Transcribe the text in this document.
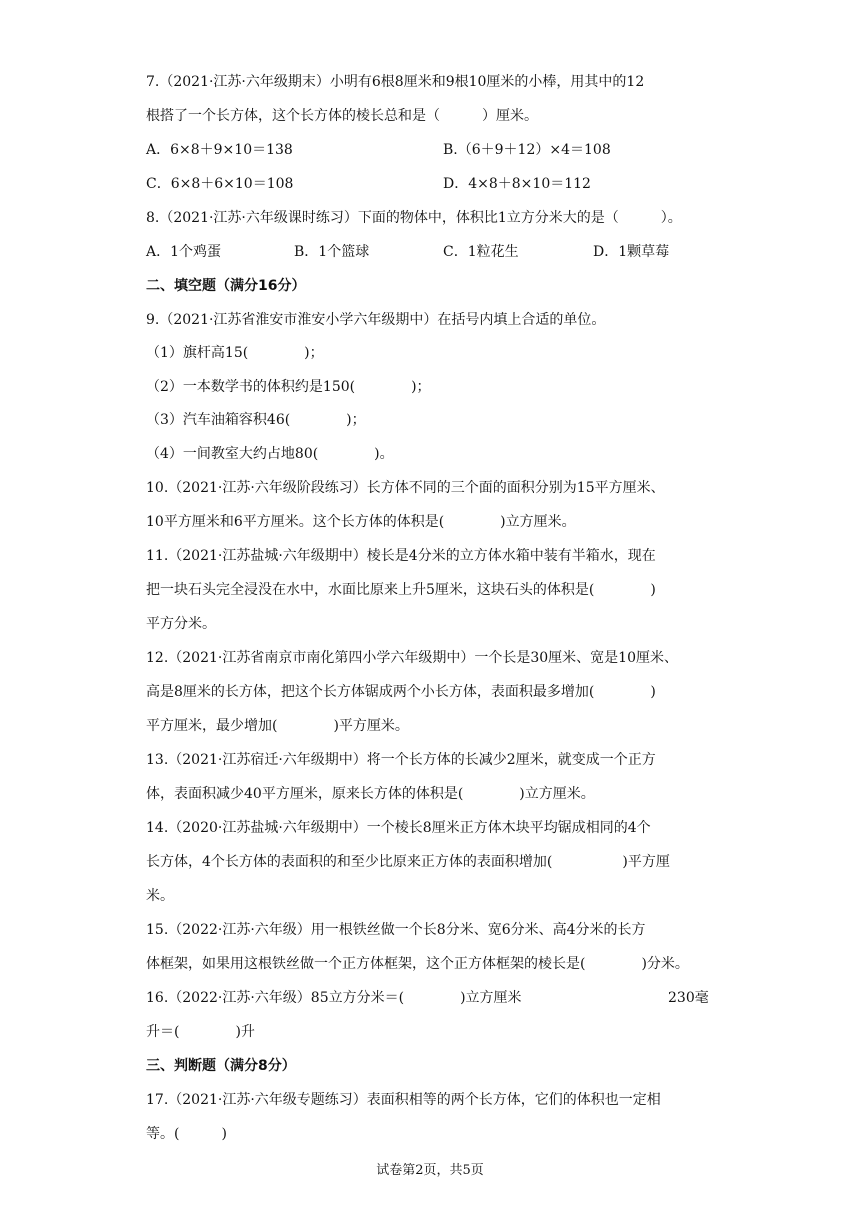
7.（2021·江苏·六年级期末）小明有6根8厘米和9根10厘米的小棒，用其中的12
根搭了一个长方体，这个长方体的棱长总和是（　　　）厘米。
A．6×8＋9×10＝138	B.（6＋9＋12）×4＝108
C．6×8＋6×10＝108	D．4×8＋8×10＝112
8.（2021·江苏·六年级课时练习）下面的物体中，体积比1立方分米大的是（　　　）。
A．1个鸡蛋	B．1个篮球	C．1粒花生	D．1颗草莓
二、填空题（满分16分）
9.（2021·江苏省淮安市淮安小学六年级期中）在括号内填上合适的单位。
（1）旗杆高15(　　　　)；
（2）一本数学书的体积约是150(　　　　)；
（3）汽车油箱容积46(　　　　)；
（4）一间教室大约占地80(　　　　)。
10.（2021·江苏·六年级阶段练习）长方体不同的三个面的面积分别为15平方厘米、
10平方厘米和6平方厘米。这个长方体的体积是(　　　　)立方厘米。
11.（2021·江苏盐城·六年级期中）棱长是4分米的立方体水箱中装有半箱水，现在
把一块石头完全浸没在水中，水面比原来上升5厘米，这块石头的体积是(　　　　)
平方分米。
12.（2021·江苏省南京市南化第四小学六年级期中）一个长是30厘米、宽是10厘米、
高是8厘米的长方体，把这个长方体锯成两个小长方体，表面积最多增加(　　　　)
平方厘米，最少增加(　　　　)平方厘米。
13.（2021·江苏宿迁·六年级期中）将一个长方体的长减少2厘米，就变成一个正方
体，表面积减少40平方厘米，原来长方体的体积是(　　　　)立方厘米。
14.（2020·江苏盐城·六年级期中）一个棱长8厘米正方体木块平均锯成相同的4个
长方体，4个长方体的表面积的和至少比原来正方体的表面积增加(　　　　　)平方厘
米。
15.（2022·江苏·六年级）用一根铁丝做一个长8分米、宽6分米、高4分米的长方
体框架，如果用这根铁丝做一个正方体框架，这个正方体框架的棱长是(　　　　)分米。
16.（2022·江苏·六年级）85立方分米＝(　　　　)立方厘米	230毫
升＝(　　　　)升
三、判断题（满分8分）
17.（2021·江苏·六年级专题练习）表面积相等的两个长方体，它们的体积也一定相
等。(　　　)
试卷第2页，共5页
